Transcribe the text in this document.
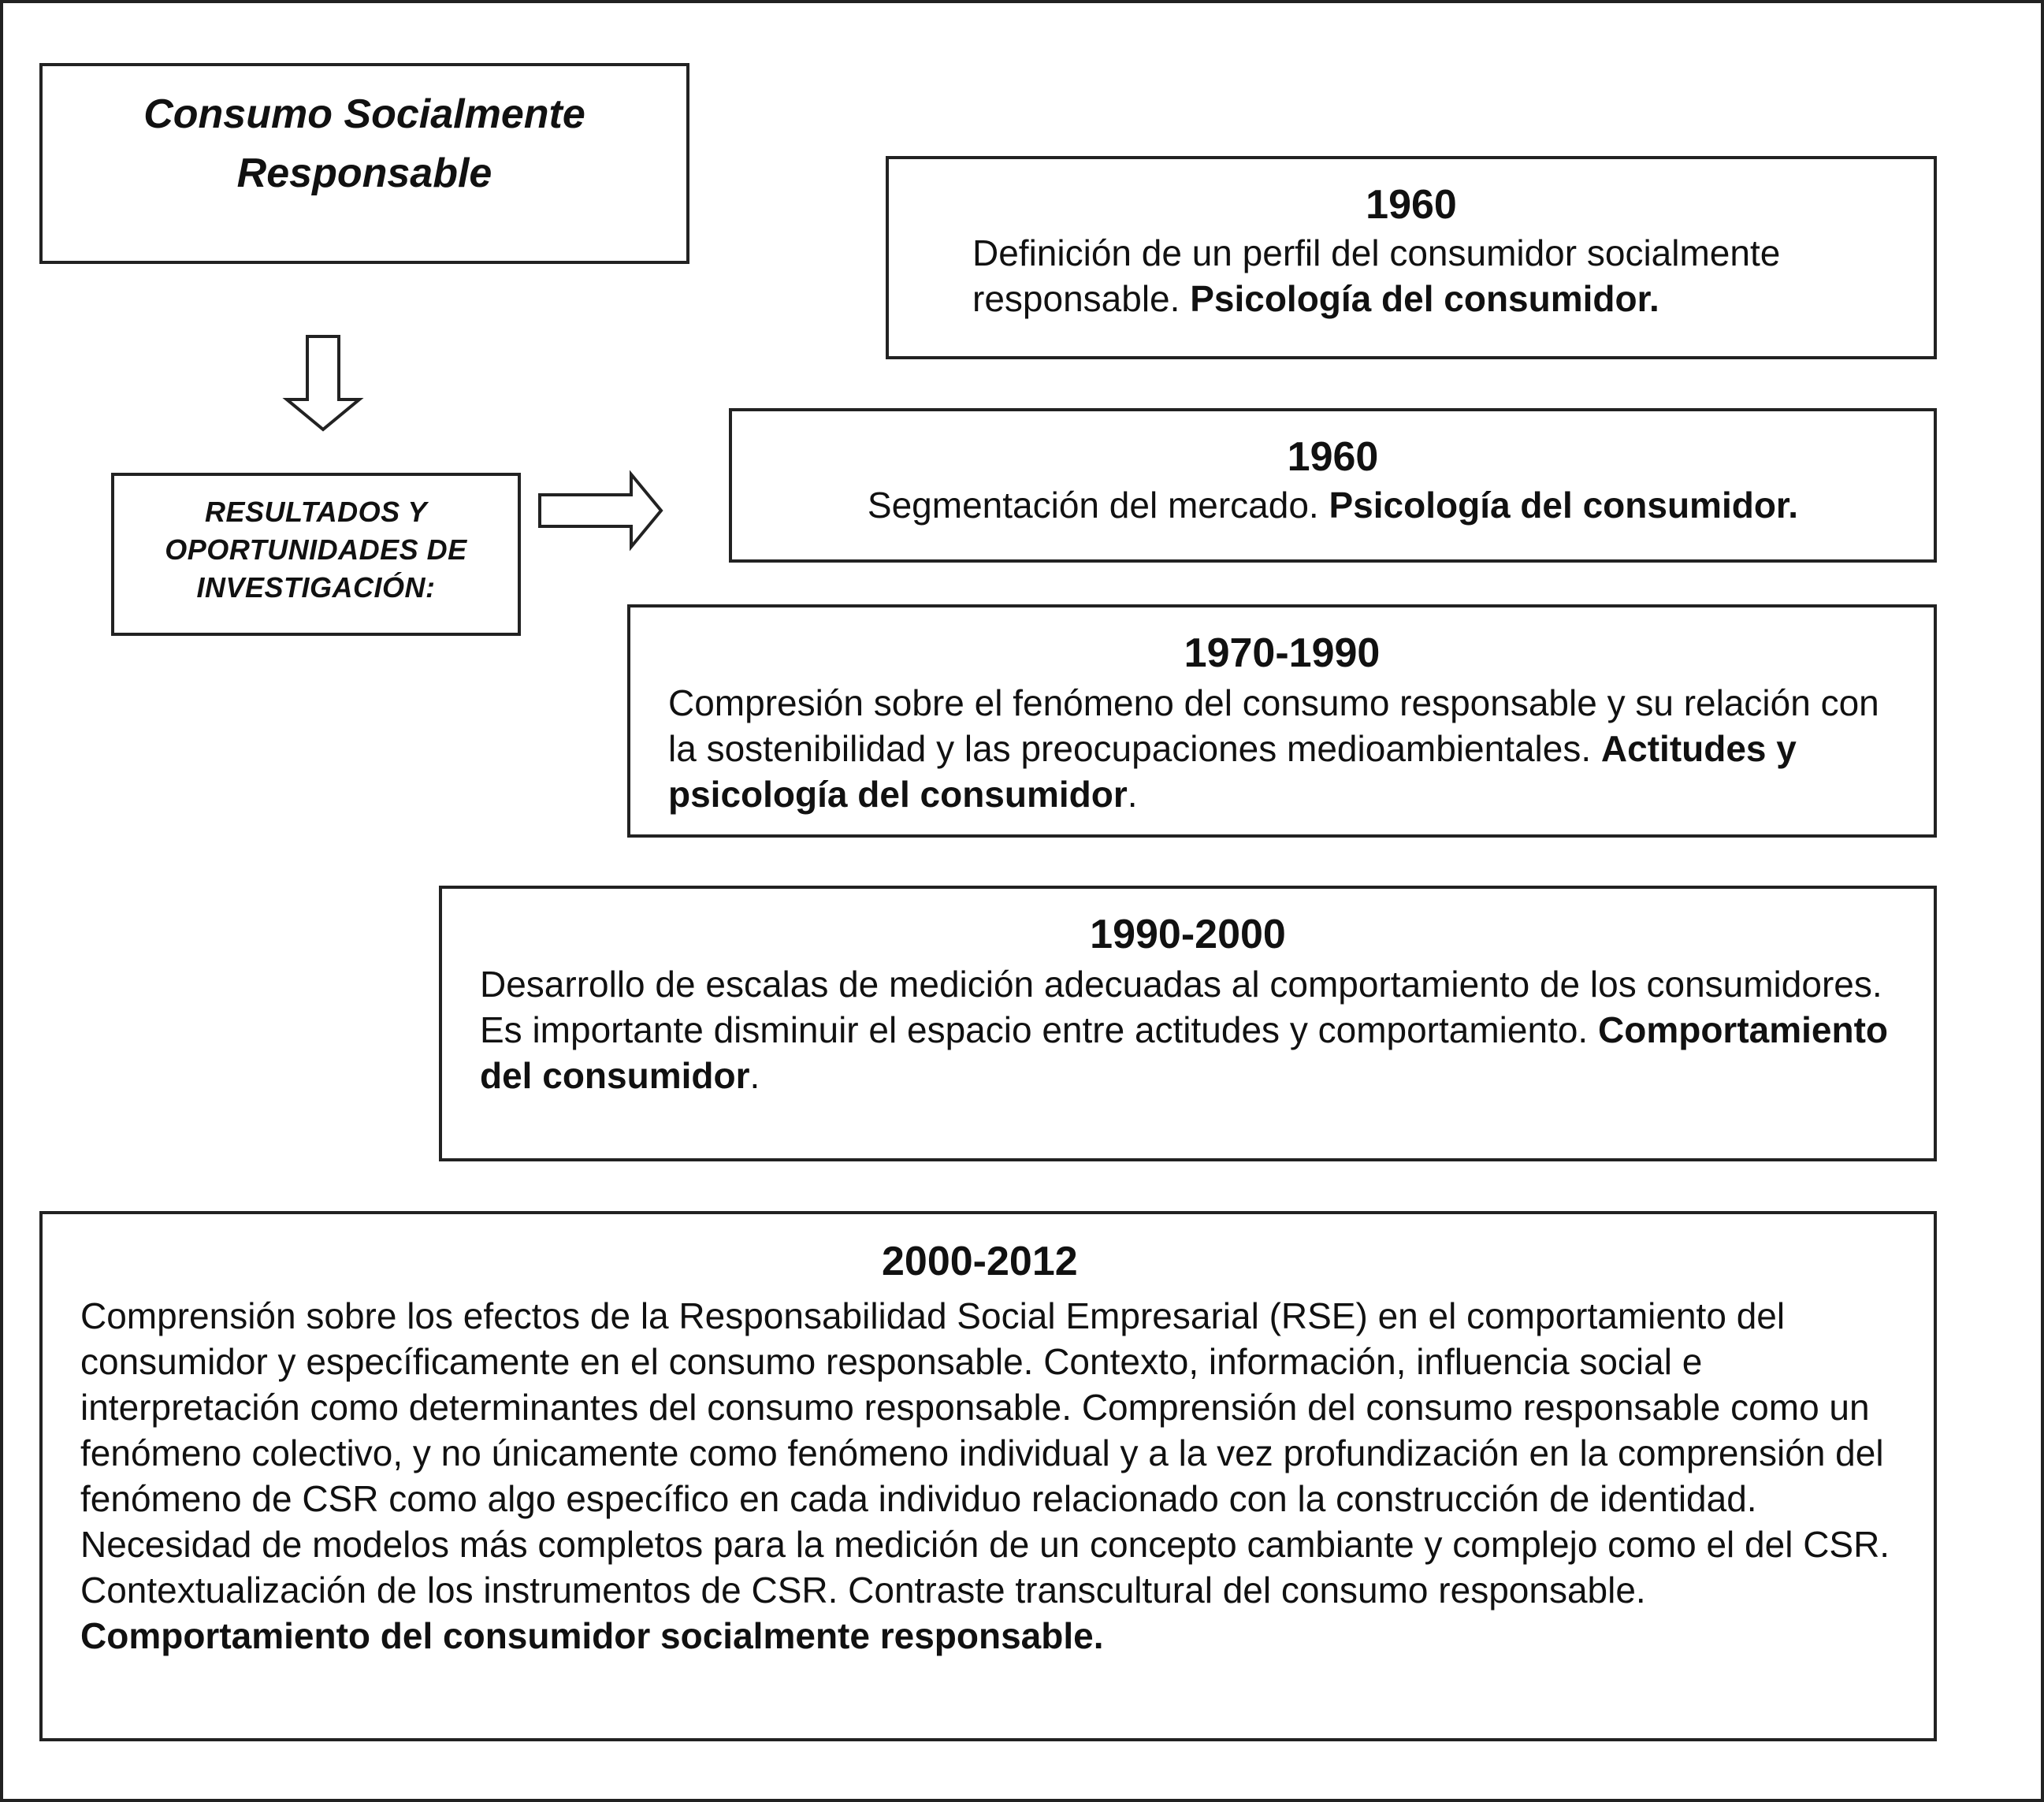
Consumo Socialmente
Responsable
RESULTADOS Y
OPORTUNIDADES DE
INVESTIGACIÓN:
1960
Definición de un perfil del consumidor socialmente responsable. Psicología del consumidor.
1960
Segmentación del mercado. Psicología del consumidor.
1970-1990
Compresión sobre el fenómeno del consumo responsable y su relación con la sostenibilidad y las preocupaciones medioambientales. Actitudes y psicología del consumidor.
1990-2000
Desarrollo de escalas de medición adecuadas al comportamiento de los consumidores. Es importante disminuir el espacio entre actitudes y comportamiento. Comportamiento del consumidor.
2000-2012
Comprensión sobre los efectos de la Responsabilidad Social Empresarial (RSE) en el comportamiento del consumidor y específicamente en el consumo responsable. Contexto, información, influencia social e interpretación como determinantes del consumo responsable. Comprensión del consumo responsable como un fenómeno colectivo, y no únicamente como fenómeno individual y a la vez profundización en la comprensión del fenómeno de CSR como algo específico en cada individuo relacionado con la construcción de identidad. Necesidad de modelos más completos para la medición de un concepto cambiante y complejo como el del CSR. Contextualización de los instrumentos de CSR. Contraste transcultural del consumo responsable. Comportamiento del consumidor socialmente responsable.
